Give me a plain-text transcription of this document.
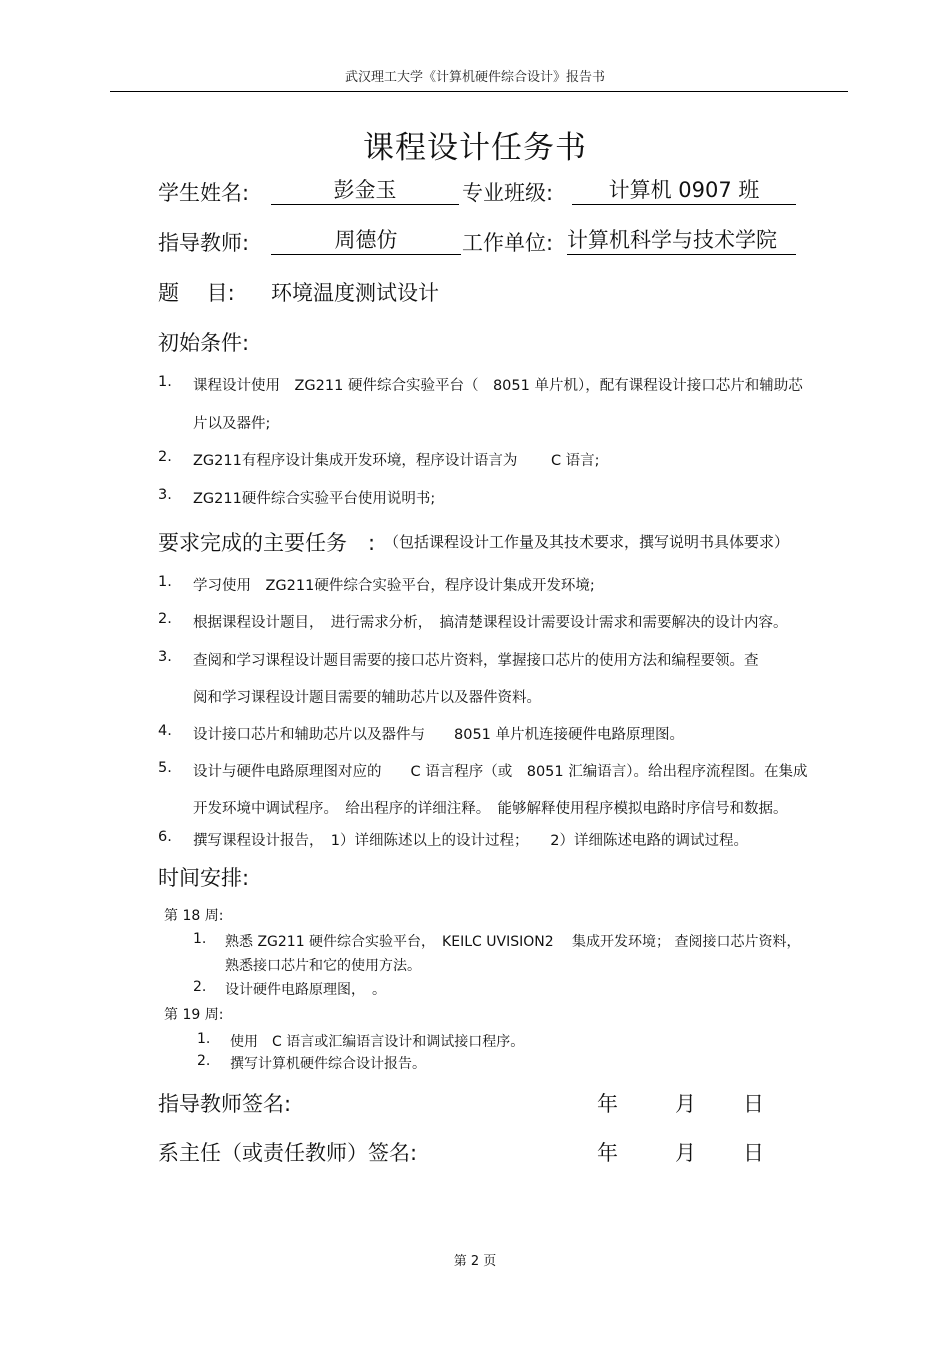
武汉理工大学《计算机硬件综合设计》报告书
课程设计任务书
学生姓名:	彭金玉	专业班级:	计算机 0907 班
指导教师:	周德仿	工作单位: 计算机科学与技术学院
题　 目: 环境温度测试设计
初始条件:
1. 课程设计使用　ZG211 硬件综合实验平台（　8051 单片机），配有课程设计接口芯片和辅助芯
片以及器件;
2. ZG211有程序设计集成开发环境，程序设计语言为　　 C 语言;
3. ZG211硬件综合实验平台使用说明书;
要求完成的主要任务　: （包括课程设计工作量及其技术要求，撰写说明书具体要求）
1. 学习使用　ZG211硬件综合实验平台，程序设计集成开发环境;
2. 根据课程设计题目，　进行需求分析，　搞清楚课程设计需要设计需求和需要解决的设计内容。
3. 查阅和学习课程设计题目需要的接口芯片资料，掌握接口芯片的使用方法和编程要领。查
阅和学习课程设计题目需要的辅助芯片以及器件资料。
4. 设计接口芯片和辅助芯片以及器件与　　8051 单片机连接硬件电路原理图。
5. 设计与硬件电路原理图对应的　　C 语言程序（或　8051 汇编语言）。给出程序流程图。在集成
开发环境中调试程序。　给出程序的详细注释。　能够解释使用程序模拟电路时序信号和数据。
6. 撰写课程设计报告，　1）详细陈述以上的设计过程；　　2）详细陈述电路的调试过程。
时间安排:
第 18 周:
1. 熟悉 ZG211 硬件综合实验平台，　KEILC UVISION2　 集成开发环境； 查阅接口芯片资料，
熟悉接口芯片和它的使用方法。
2. 设计硬件电路原理图，　。
第 19 周:
1. 使用　C 语言或汇编语言设计和调试接口程序。
2. 撰写计算机硬件综合设计报告。
指导教师签名:	年	月 日
系主任（或责任教师）签名:	年	月 日
第 2 页
